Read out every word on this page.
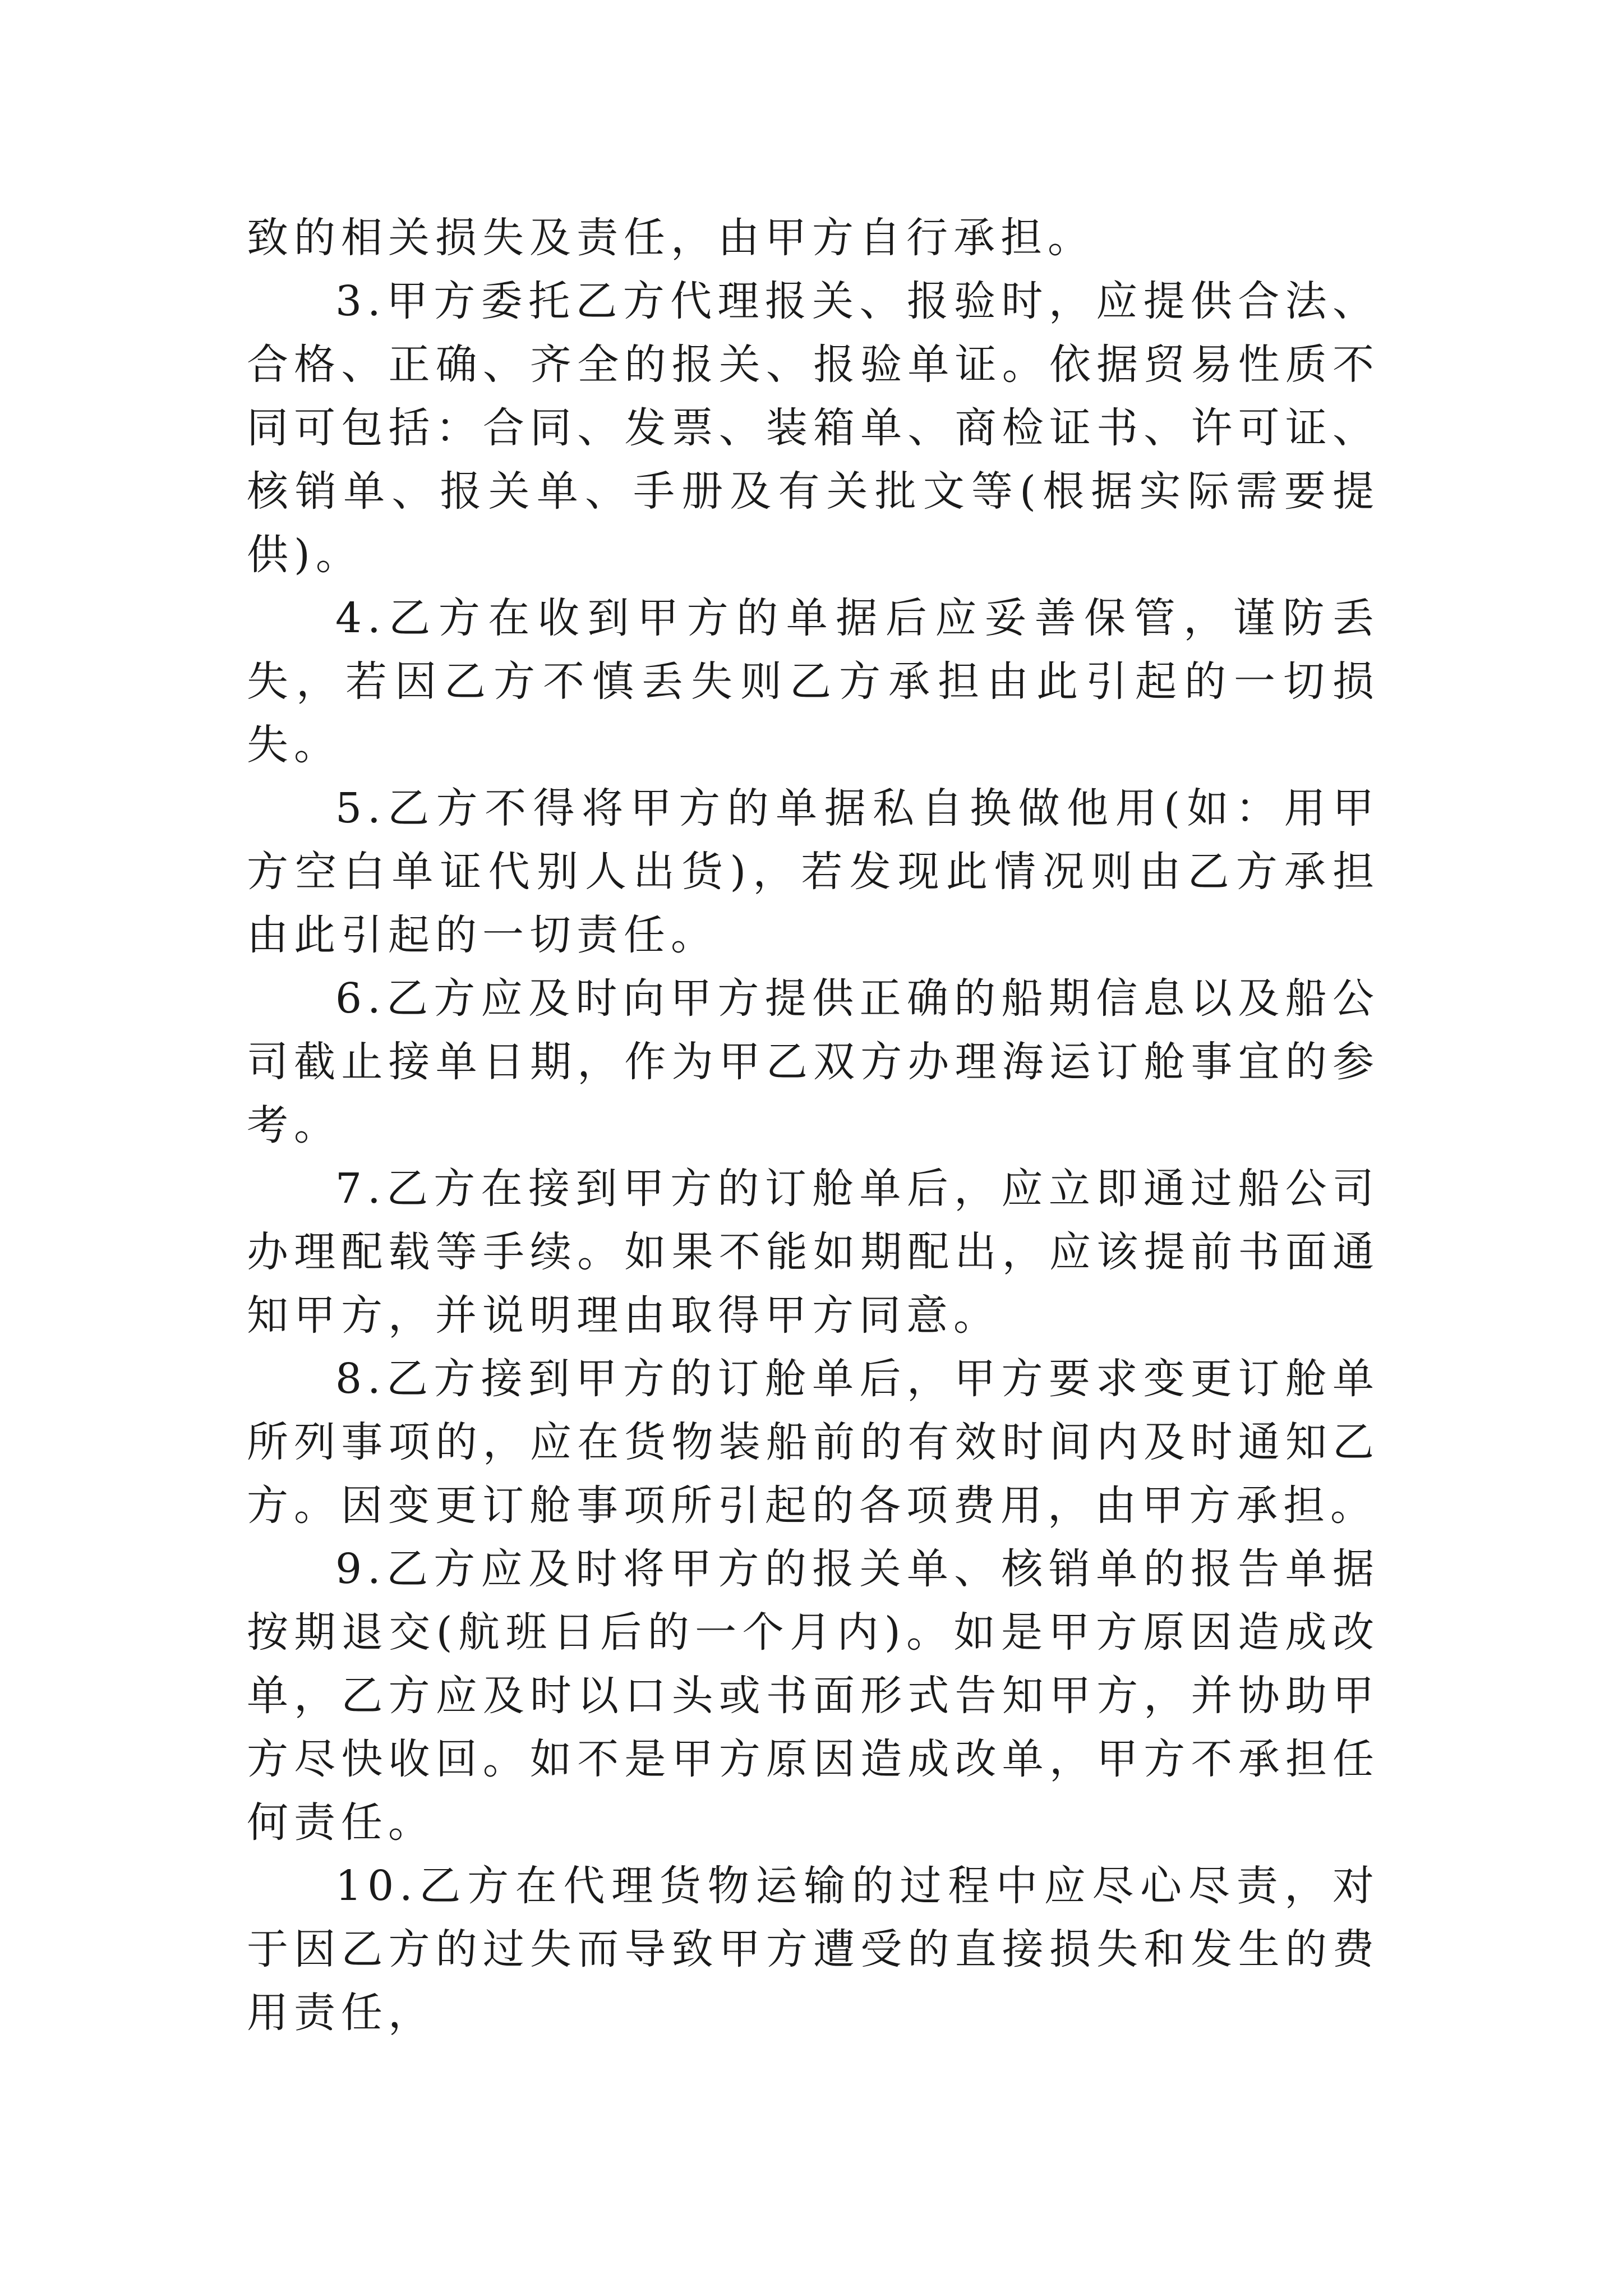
致的相关损失及责任，由甲方自行承担。

3.甲方委托乙方代理报关、报验时，应提供合法、合格、正确、齐全的报关、报验单证。依据贸易性质不同可包括：合同、发票、装箱单、商检证书、许可证、核销单、报关单、手册及有关批文等(根据实际需要提供)。

4.乙方在收到甲方的单据后应妥善保管，谨防丢失，若因乙方不慎丢失则乙方承担由此引起的一切损失。

5.乙方不得将甲方的单据私自换做他用(如：用甲方空白单证代别人出货)，若发现此情况则由乙方承担由此引起的一切责任。

6.乙方应及时向甲方提供正确的船期信息以及船公司截止接单日期，作为甲乙双方办理海运订舱事宜的参考。

7.乙方在接到甲方的订舱单后，应立即通过船公司办理配载等手续。如果不能如期配出，应该提前书面通知甲方，并说明理由取得甲方同意。

8.乙方接到甲方的订舱单后，甲方要求变更订舱单所列事项的，应在货物装船前的有效时间内及时通知乙方。因变更订舱事项所引起的各项费用，由甲方承担。

9.乙方应及时将甲方的报关单、核销单的报告单据按期退交(航班日后的一个月内)。如是甲方原因造成改单，乙方应及时以口头或书面形式告知甲方，并协助甲方尽快收回。如不是甲方原因造成改单，甲方不承担任何责任。

10.乙方在代理货物运输的过程中应尽心尽责，对于因乙方的过失而导致甲方遭受的直接损失和发生的费用责任，
